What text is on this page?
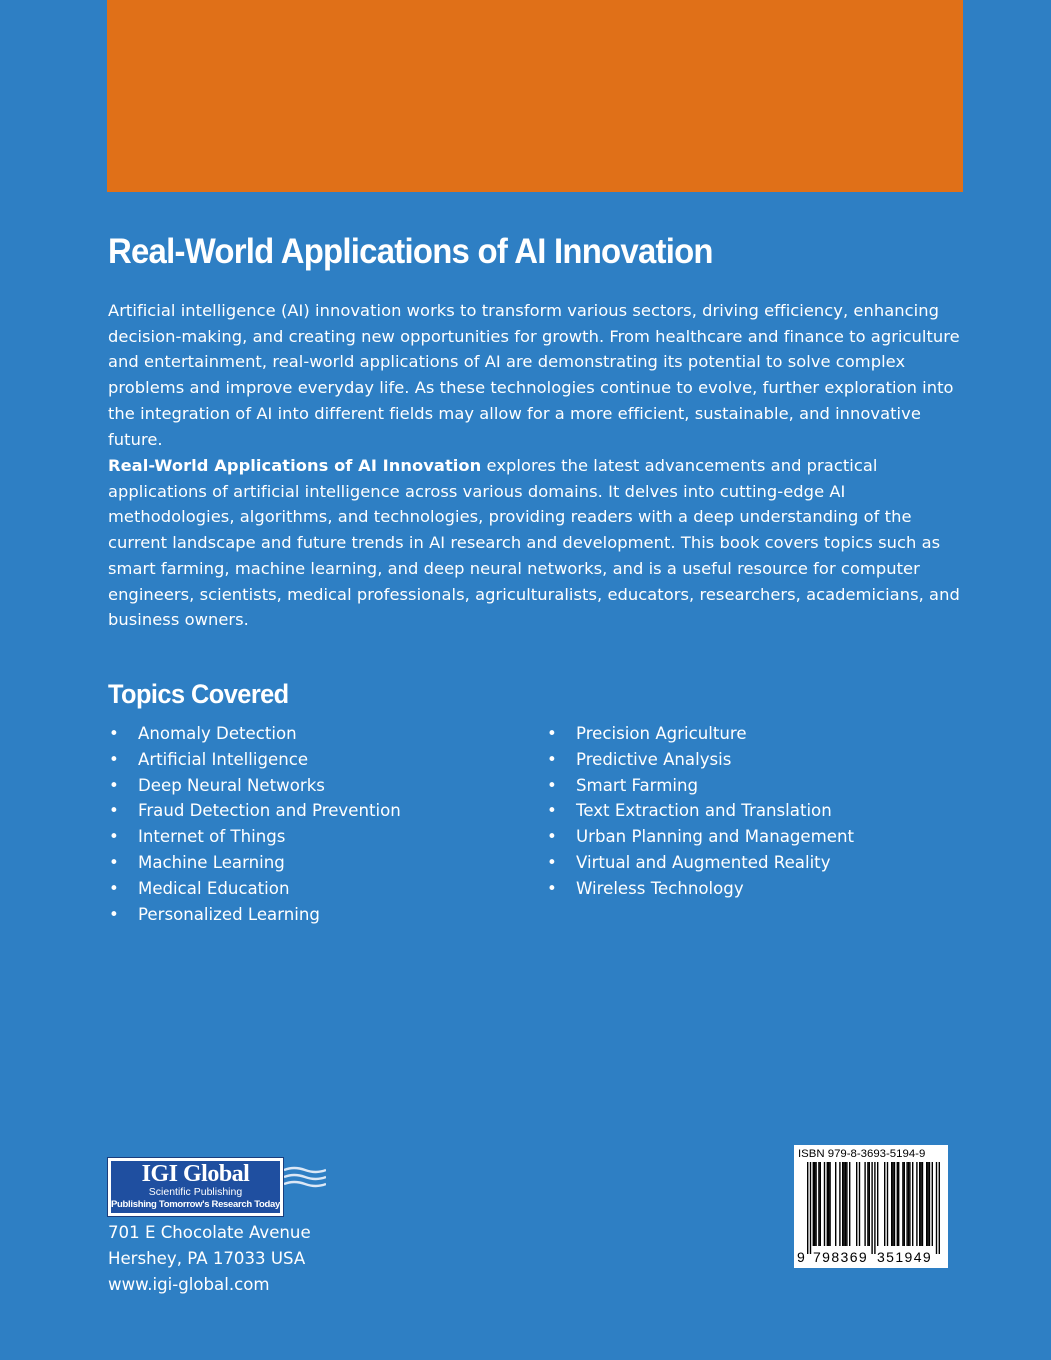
Real-World Applications of AI Innovation

Artificial intelligence (AI) innovation works to transform various sectors, driving efficiency, enhancing decision-making, and creating new opportunities for growth. From healthcare and finance to agriculture and entertainment, real-world applications of AI are demonstrating its potential to solve complex problems and improve everyday life. As these technologies continue to evolve, further exploration into the integration of AI into different fields may allow for a more efficient, sustainable, and innovative future.

Real-World Applications of AI Innovation explores the latest advancements and practical applications of artificial intelligence across various domains. It delves into cutting-edge AI methodologies, algorithms, and technologies, providing readers with a deep understanding of the current landscape and future trends in AI research and development. This book covers topics such as smart farming, machine learning, and deep neural networks, and is a useful resource for computer engineers, scientists, medical professionals, agriculturalists, educators, researchers, academicians, and business owners.

Topics Covered
• Anomaly Detection
• Artificial Intelligence
• Deep Neural Networks
• Fraud Detection and Prevention
• Internet of Things
• Machine Learning
• Medical Education
• Personalized Learning
• Precision Agriculture
• Predictive Analysis
• Smart Farming
• Text Extraction and Translation
• Urban Planning and Management
• Virtual and Augmented Reality
• Wireless Technology
IGI Global
Scientific Publishing
Publishing Tomorrow's Research Today
701 E Chocolate Avenue
Hershey, PA 17033 USA
www.igi-global.com
ISBN 979-8-3693-5194-9
9 798369 351949
